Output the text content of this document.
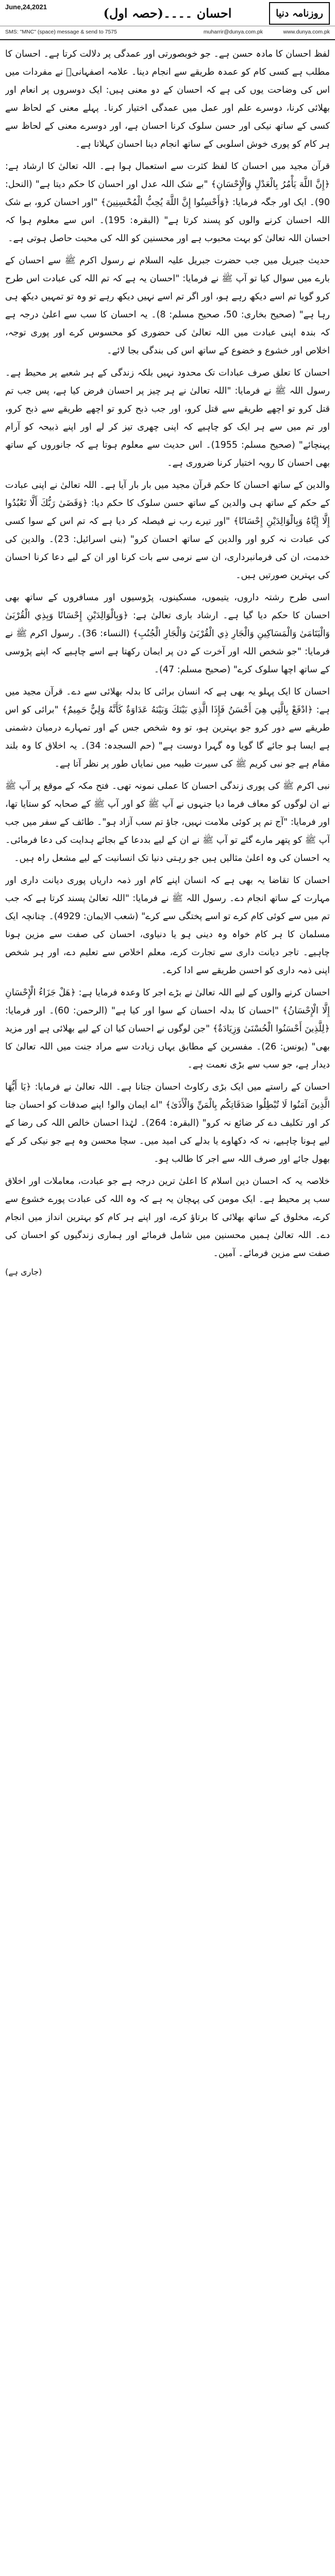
روزنامہ دنیا
احسان ۔۔۔۔(حصہ اول)
June,24,2021
SMS: "MNC" (space) message & send to 7575	muharrir@dunya.com.pk	www.dunya.com.pk

لفظ احسان کا مادہ حسن ہے۔ جو خوبصورتی اور عمدگی پر دلالت کرتا ہے۔ احسان کا مطلب ہے کسی کام کو عمدہ طریقے سے انجام دینا۔ علامہ اصفہانیؒ نے مفردات میں اس کی وضاحت یوں کی ہے کہ احسان کے دو معنی ہیں: ایک دوسروں پر انعام اور بھلائی کرنا، دوسرے علم اور عمل میں عمدگی اختیار کرنا۔ پہلے معنی کے لحاظ سے کسی کے ساتھ نیکی اور حسن سلوک کرنا احسان ہے، اور دوسرے معنی کے لحاظ سے ہر کام کو پوری خوش اسلوبی کے ساتھ انجام دینا احسان کہلاتا ہے۔

قرآن مجید میں احسان کا لفظ کثرت سے استعمال ہوا ہے۔ اللہ تعالیٰ کا ارشاد ہے: ﴿إِنَّ اللَّهَ يَأْمُرُ بِالْعَدْلِ وَالْإِحْسَانِ﴾ "بے شک اللہ عدل اور احسان کا حکم دیتا ہے" (النحل: 90)۔ ایک اور جگہ فرمایا: ﴿وَأَحْسِنُوا إِنَّ اللَّهَ يُحِبُّ الْمُحْسِنِينَ﴾ "اور احسان کرو، بے شک اللہ احسان کرنے والوں کو پسند کرتا ہے" (البقرہ: 195)۔ اس سے معلوم ہوا کہ احسان اللہ تعالیٰ کو بہت محبوب ہے اور محسنین کو اللہ کی محبت حاصل ہوتی ہے۔

حدیث جبریل میں جب حضرت جبریل علیہ السلام نے رسول اکرم ﷺ سے احسان کے بارے میں سوال کیا تو آپ ﷺ نے فرمایا: "احسان یہ ہے کہ تم اللہ کی عبادت اس طرح کرو گویا تم اسے دیکھ رہے ہو، اور اگر تم اسے نہیں دیکھ رہے تو وہ تو تمہیں دیکھ ہی رہا ہے" (صحیح بخاری: 50، صحیح مسلم: 8)۔ یہ احسان کا سب سے اعلیٰ درجہ ہے کہ بندہ اپنی عبادت میں اللہ تعالیٰ کی حضوری کو محسوس کرے اور پوری توجہ، اخلاص اور خشوع و خضوع کے ساتھ اس کی بندگی بجا لائے۔

احسان کا تعلق صرف عبادات تک محدود نہیں بلکہ زندگی کے ہر شعبے پر محیط ہے۔ رسول اللہ ﷺ نے فرمایا: "اللہ تعالیٰ نے ہر چیز پر احسان فرض کیا ہے، پس جب تم قتل کرو تو اچھے طریقے سے قتل کرو، اور جب ذبح کرو تو اچھے طریقے سے ذبح کرو، اور تم میں سے ہر ایک کو چاہیے کہ اپنی چھری تیز کر لے اور اپنے ذبیحہ کو آرام پہنچائے" (صحیح مسلم: 1955)۔ اس حدیث سے معلوم ہوتا ہے کہ جانوروں کے ساتھ بھی احسان کا رویہ اختیار کرنا ضروری ہے۔

والدین کے ساتھ احسان کا حکم قرآن مجید میں بار بار آیا ہے۔ اللہ تعالیٰ نے اپنی عبادت کے حکم کے ساتھ ہی والدین کے ساتھ حسن سلوک کا حکم دیا: ﴿وَقَضَىٰ رَبُّكَ أَلَّا تَعْبُدُوا إِلَّا إِيَّاهُ وَبِالْوَالِدَيْنِ إِحْسَانًا﴾ "اور تیرے رب نے فیصلہ کر دیا ہے کہ تم اس کے سوا کسی کی عبادت نہ کرو اور والدین کے ساتھ احسان کرو" (بنی اسرائیل: 23)۔ والدین کی خدمت، ان کی فرمانبرداری، ان سے نرمی سے بات کرنا اور ان کے لیے دعا کرنا احسان کی بہترین صورتیں ہیں۔

اسی طرح رشتہ داروں، یتیموں، مسکینوں، پڑوسیوں اور مسافروں کے ساتھ بھی احسان کا حکم دیا گیا ہے۔ ارشاد باری تعالیٰ ہے: ﴿وَبِالْوَالِدَيْنِ إِحْسَانًا وَبِذِي الْقُرْبَىٰ وَالْيَتَامَىٰ وَالْمَسَاكِينِ وَالْجَارِ ذِي الْقُرْبَىٰ وَالْجَارِ الْجُنُبِ﴾ (النساء: 36)۔ رسول اکرم ﷺ نے فرمایا: "جو شخص اللہ اور آخرت کے دن پر ایمان رکھتا ہے اسے چاہیے کہ اپنے پڑوسی کے ساتھ اچھا سلوک کرے" (صحیح مسلم: 47)۔

احسان کا ایک پہلو یہ بھی ہے کہ انسان برائی کا بدلہ بھلائی سے دے۔ قرآن مجید میں ہے: ﴿ادْفَعْ بِالَّتِي هِيَ أَحْسَنُ فَإِذَا الَّذِي بَيْنَكَ وَبَيْنَهُ عَدَاوَةٌ كَأَنَّهُ وَلِيٌّ حَمِيمٌ﴾ "برائی کو اس طریقے سے دور کرو جو بہترین ہو، تو وہ شخص جس کے اور تمہارے درمیان دشمنی ہے ایسا ہو جائے گا گویا وہ گہرا دوست ہے" (حم السجدہ: 34)۔ یہ اخلاق کا وہ بلند مقام ہے جو نبی کریم ﷺ کی سیرت طیبہ میں نمایاں طور پر نظر آتا ہے۔

نبی اکرم ﷺ کی پوری زندگی احسان کا عملی نمونہ تھی۔ فتح مکہ کے موقع پر آپ ﷺ نے ان لوگوں کو معاف فرما دیا جنہوں نے آپ ﷺ کو اور آپ ﷺ کے صحابہ کو ستایا تھا، اور فرمایا: "آج تم پر کوئی ملامت نہیں، جاؤ تم سب آزاد ہو"۔ طائف کے سفر میں جب آپ ﷺ کو پتھر مارے گئے تو آپ ﷺ نے ان کے لیے بددعا کے بجائے ہدایت کی دعا فرمائی۔ یہ احسان کی وہ اعلیٰ مثالیں ہیں جو رہتی دنیا تک انسانیت کے لیے مشعل راہ ہیں۔

احسان کا تقاضا یہ بھی ہے کہ انسان اپنے کام اور ذمہ داریاں پوری دیانت داری اور مہارت کے ساتھ انجام دے۔ رسول اللہ ﷺ نے فرمایا: "اللہ تعالیٰ پسند کرتا ہے کہ جب تم میں سے کوئی کام کرے تو اسے پختگی سے کرے" (شعب الایمان: 4929)۔ چنانچہ ایک مسلمان کا ہر کام خواہ وہ دینی ہو یا دنیاوی، احسان کی صفت سے مزین ہونا چاہیے۔ تاجر دیانت داری سے تجارت کرے، معلم اخلاص سے تعلیم دے، اور ہر شخص اپنی ذمہ داری کو احسن طریقے سے ادا کرے۔

احسان کرنے والوں کے لیے اللہ تعالیٰ نے بڑے اجر کا وعدہ فرمایا ہے: ﴿هَلْ جَزَاءُ الْإِحْسَانِ إِلَّا الْإِحْسَانُ﴾ "احسان کا بدلہ احسان کے سوا اور کیا ہے" (الرحمن: 60)۔ اور فرمایا: ﴿لِلَّذِينَ أَحْسَنُوا الْحُسْنَىٰ وَزِيَادَةٌ﴾ "جن لوگوں نے احسان کیا ان کے لیے بھلائی ہے اور مزید بھی" (یونس: 26)۔ مفسرین کے مطابق یہاں زیادت سے مراد جنت میں اللہ تعالیٰ کا دیدار ہے، جو سب سے بڑی نعمت ہے۔

احسان کے راستے میں ایک بڑی رکاوٹ احسان جتانا ہے۔ اللہ تعالیٰ نے فرمایا: ﴿يَا أَيُّهَا الَّذِينَ آمَنُوا لَا تُبْطِلُوا صَدَقَاتِكُم بِالْمَنِّ وَالْأَذَىٰ﴾ "اے ایمان والو! اپنے صدقات کو احسان جتا کر اور تکلیف دے کر ضائع نہ کرو" (البقرہ: 264)۔ لہٰذا احسان خالص اللہ کی رضا کے لیے ہونا چاہیے، نہ کہ دکھاوے یا بدلے کی امید میں۔ سچا محسن وہ ہے جو نیکی کر کے بھول جائے اور صرف اللہ سے اجر کا طالب ہو۔

خلاصہ یہ کہ احسان دین اسلام کا اعلیٰ ترین درجہ ہے جو عبادت، معاملات اور اخلاق سب پر محیط ہے۔ ایک مومن کی پہچان یہ ہے کہ وہ اللہ کی عبادت پورے خشوع سے کرے، مخلوق کے ساتھ بھلائی کا برتاؤ کرے، اور اپنے ہر کام کو بہترین انداز میں انجام دے۔ اللہ تعالیٰ ہمیں محسنین میں شامل فرمائے اور ہماری زندگیوں کو احسان کی صفت سے مزین فرمائے۔ آمین۔

(جاری ہے)
